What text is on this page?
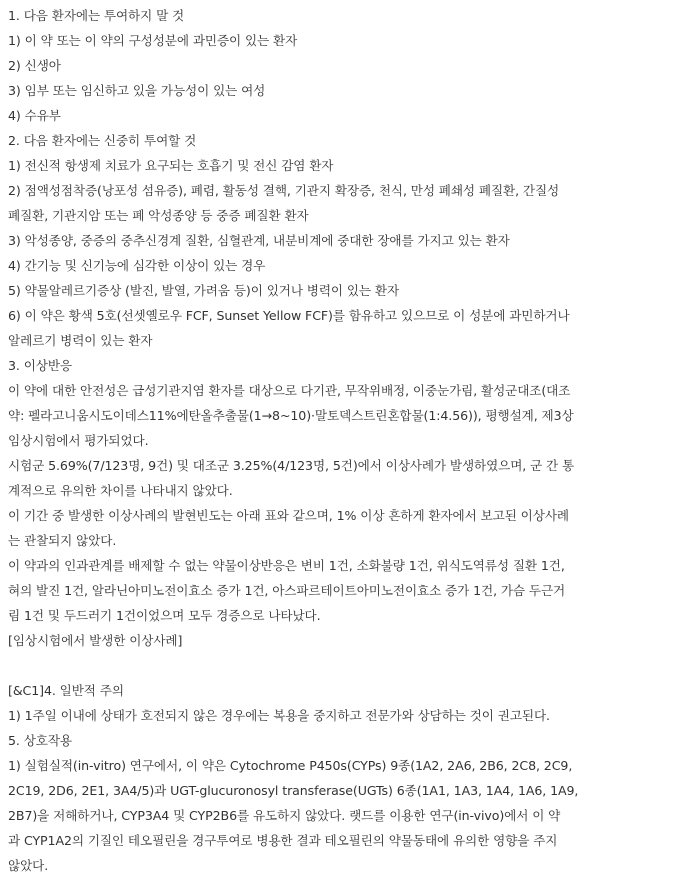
1. 다음 환자에는 투여하지 말 것
1) 이 약 또는 이 약의 구성성분에 과민증이 있는 환자
2) 신생아
3) 임부 또는 임신하고 있을 가능성이 있는 여성
4) 수유부
2. 다음 환자에는 신중히 투여할 것
1) 전신적 항생제 치료가 요구되는 호흡기 및 전신 감염 환자
2) 점액성점착증(낭포성 섬유증), 폐렴, 활동성 결핵, 기관지 확장증, 천식, 만성 폐쇄성 폐질환, 간질성
폐질환, 기관지암 또는 폐 악성종양 등 중증 폐질환 환자
3) 악성종양, 중증의 중추신경계 질환, 심혈관계, 내분비계에 중대한 장애를 가지고 있는 환자
4) 간기능 및 신기능에 심각한 이상이 있는 경우
5) 약물알레르기증상 (발진, 발열, 가려움 등)이 있거나 병력이 있는 환자
6) 이 약은 황색 5호(선셋옐로우 FCF, Sunset Yellow FCF)를 함유하고 있으므로 이 성분에 과민하거나
알레르기 병력이 있는 환자
3. 이상반응
이 약에 대한 안전성은 급성기관지염 환자를 대상으로 다기관, 무작위배정, 이중눈가림, 활성군대조(대조
약: 펠라고니움시도이데스11%에탄올추출물(1→8~10)·말토덱스트린혼합물(1:4.56)), 평행설계, 제3상
임상시험에서 평가되었다.
시험군 5.69%(7/123명, 9건) 및 대조군 3.25%(4/123명, 5건)에서 이상사례가 발생하였으며, 군 간 통
계적으로 유의한 차이를 나타내지 않았다.
이 기간 중 발생한 이상사례의 발현빈도는 아래 표와 같으며, 1% 이상 흔하게 환자에서 보고된 이상사례
는 관찰되지 않았다.
이 약과의 인과관계를 배제할 수 없는 약물이상반응은 변비 1건, 소화불량 1건, 위식도역류성 질환 1건,
혀의 발진 1건, 알라닌아미노전이효소 증가 1건, 아스파르테이트아미노전이효소 증가 1건, 가슴 두근거
림 1건 및 두드러기 1건이었으며 모두 경증으로 나타났다.
[임상시험에서 발생한 이상사례]
[&C1]4. 일반적 주의
1) 1주일 이내에 상태가 호전되지 않은 경우에는 복용을 중지하고 전문가와 상담하는 것이 권고된다.
5. 상호작용
1) 실험실적(in-vitro) 연구에서, 이 약은 Cytochrome P450s(CYPs) 9종(1A2, 2A6, 2B6, 2C8, 2C9,
2C19, 2D6, 2E1, 3A4/5)과 UGT-glucuronosyl transferase(UGTs) 6종(1A1, 1A3, 1A4, 1A6, 1A9,
2B7)을 저해하거나, CYP3A4 및 CYP2B6를 유도하지 않았다. 랫드를 이용한 연구(in-vivo)에서 이 약
과 CYP1A2의 기질인 테오필린을 경구투여로 병용한 결과 테오필린의 약물동태에 유의한 영향을 주지
않았다.
